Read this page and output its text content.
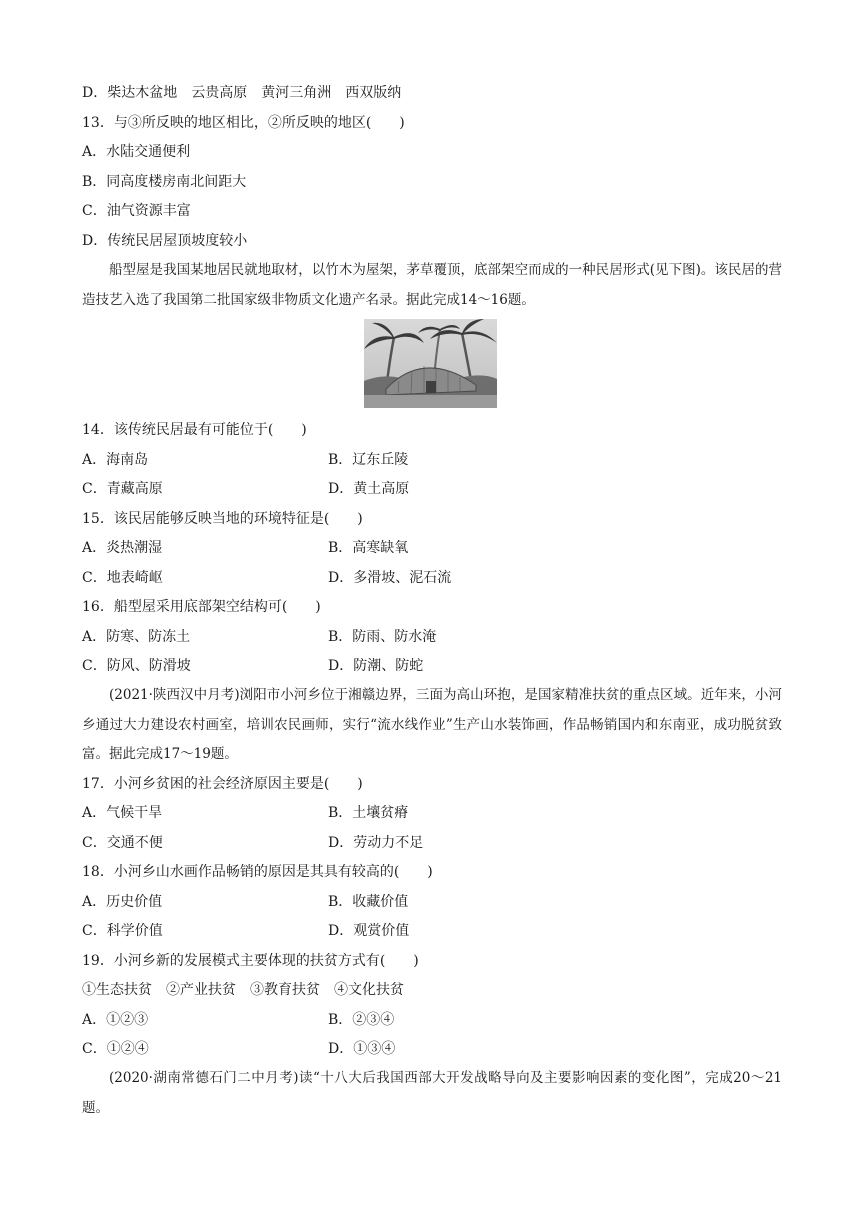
D．柴达木盆地　云贵高原　黄河三角洲　西双版纳
13．与③所反映的地区相比，②所反映的地区(　　)
A．水陆交通便利
B．同高度楼房南北间距大
C．油气资源丰富
D．传统民居屋顶坡度较小
船型屋是我国某地居民就地取材，以竹木为屋架，茅草覆顶，底部架空而成的一种民居形式(见下图)。该民居的营造技艺入选了我国第二批国家级非物质文化遗产名录。据此完成14～16题。
14．该传统民居最有可能位于(　　)
A．海南岛	B．辽东丘陵
C．青藏高原	D．黄土高原
15．该民居能够反映当地的环境特征是(　　)
A．炎热潮湿	B．高寒缺氧
C．地表崎岖	D．多滑坡、泥石流
16．船型屋采用底部架空结构可(　　)
A．防寒、防冻土	B．防雨、防水淹
C．防风、防滑坡	D．防潮、防蛇
(2021·陕西汉中月考)浏阳市小河乡位于湘赣边界，三面为高山环抱，是国家精准扶贫的重点区域。近年来，小河乡通过大力建设农村画室，培训农民画师，实行“流水线作业”生产山水装饰画，作品畅销国内和东南亚，成功脱贫致富。据此完成17～19题。
17．小河乡贫困的社会经济原因主要是(　　)
A．气候干旱	B．土壤贫瘠
C．交通不便	D．劳动力不足
18．小河乡山水画作品畅销的原因是其具有较高的(　　)
A．历史价值	B．收藏价值
C．科学价值	D．观赏价值
19．小河乡新的发展模式主要体现的扶贫方式有(　　)
①生态扶贫　②产业扶贫　③教育扶贫　④文化扶贫
A．①②③	B．②③④
C．①②④	D．①③④
(2020·湖南常德石门二中月考)读“十八大后我国西部大开发战略导向及主要影响因素的变化图”，完成20～21题。
